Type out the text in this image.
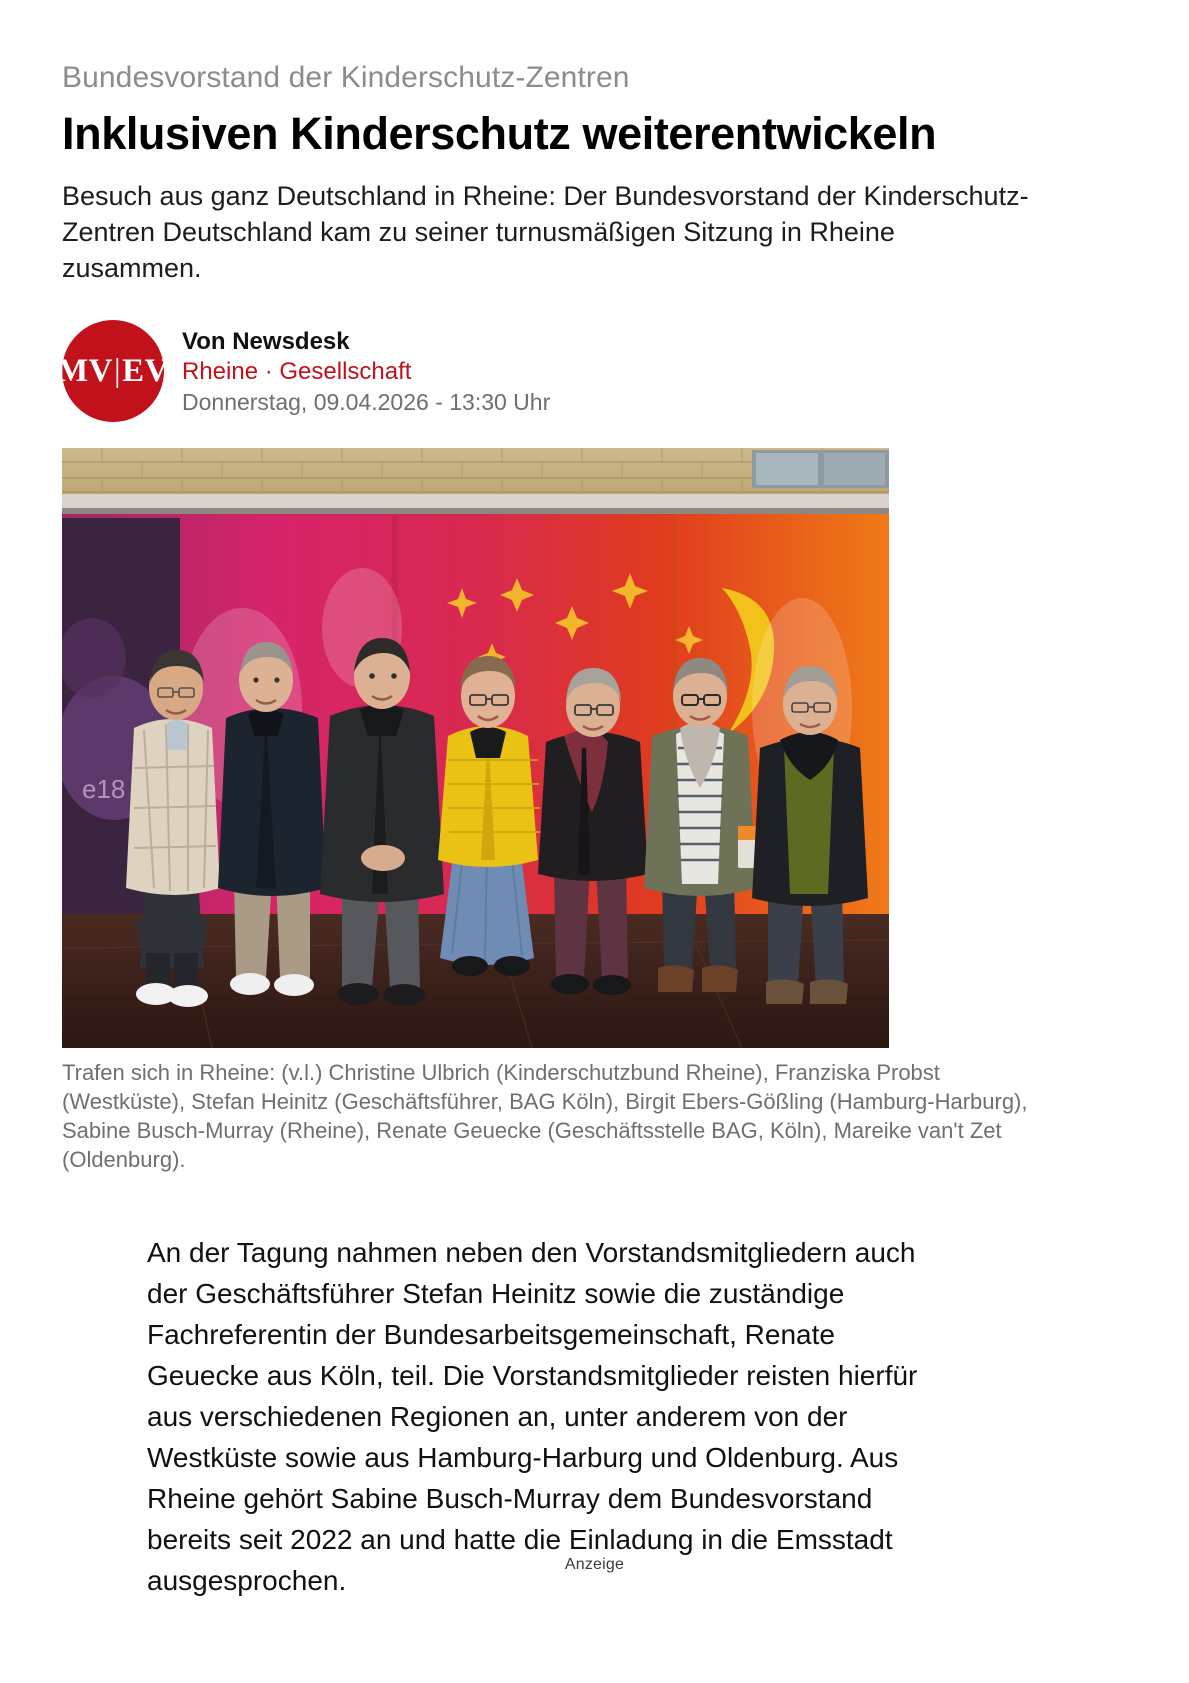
Bundesvorstand der Kinderschutz-Zentren
Inklusiven Kinderschutz weiterentwickeln

Besuch aus ganz Deutschland in Rheine: Der Bundesvorstand der Kinderschutz-Zentren Deutschland kam zu seiner turnusmäßigen Sitzung in Rheine zusammen.

MV|EV
Von Newsdesk
Rheine · Gesellschaft
Donnerstag, 09.04.2026 - 13:30 Uhr
e18
Trafen sich in Rheine: (v.l.) Christine Ulbrich (Kinderschutzbund Rheine), Franziska Probst (Westküste), Stefan Heinitz (Geschäftsführer, BAG Köln), Birgit Ebers-Gößling (Hamburg-Harburg), Sabine Busch-Murray (Rheine), Renate Geuecke (Geschäftsstelle BAG, Köln), Mareike van't Zet (Oldenburg).

An der Tagung nahmen neben den Vorstandsmitgliedern auch der Geschäftsführer Stefan Heinitz sowie die zuständige Fachreferentin der Bundesarbeitsgemeinschaft, Renate Geuecke aus Köln, teil. Die Vorstandsmitglieder reisten hierfür aus verschiedenen Regionen an, unter anderem von der Westküste sowie aus Hamburg-Harburg und Oldenburg. Aus Rheine gehört Sabine Busch-Murray dem Bundesvorstand bereits seit 2022 an und hatte die Einladung in die Emsstadt ausgesprochen.

Anzeige
